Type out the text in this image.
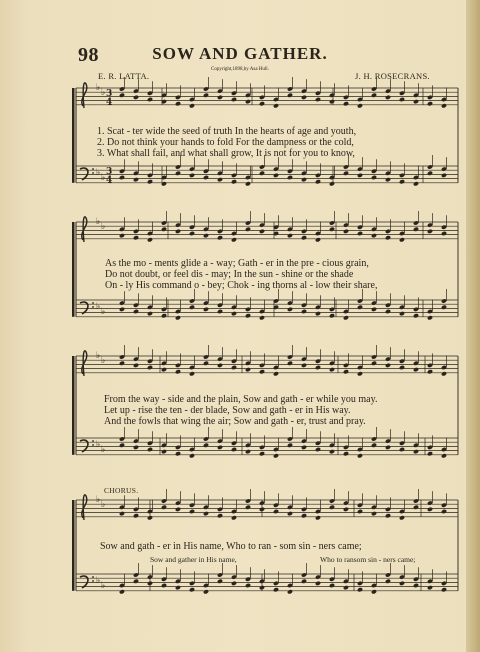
98	SOW AND GATHER.
E. R. LATTA.
Copyright,1898,by Asa Hull.
J. H. ROSECRANS.
♭ ♭
♭ ♭
3
4
3
4
♭ ♭
♭ ♭
♭ ♭
♭ ♭
♭ ♭
♭ ♭
1. Scat - ter wide the seed of truth In the hearts of age and youth,
2. Do not think your hands to fold For the dampness or the cold,
3. What shall fail, and what shall grow, It is not for you to know,
As the mo - ments glide a - way; Gath - er in the pre - cious grain,
Do not doubt, or feel dis - may; In the sun - shine or the shade
On - ly His command o - bey; Chok - ing thorns al - low their share,
From the way - side and the plain, Sow and gath - er while you may.
Let up - rise the ten - der blade, Sow and gath - er in His way.
And the fowls that wing the air; Sow and gath - er, trust and pray.
CHORUS.
Sow and gath - er in His name, Who to ran - som sin - ners came;
Sow and gather in His name,	Who to ransom sin - ners came;
